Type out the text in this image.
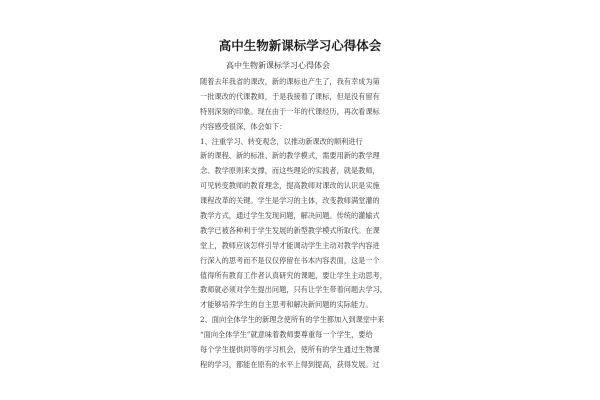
高中生物新课标学习心得体会
高中生物新课标学习心得体会
随着去年我省的课改，新的课标也产生了，我有幸成为第
一批课改的代课教师，于是我接着了课标，但是没有留有
特别深刻的印象。现在由于一年的代课经历，再次看课标
内容感受很深，体会如下：
1、注重学习、转变观念，以推动新课改的顺利进行
新的课程、新的标准、新的教学模式，需要用新的教学理
念、教学原则来支撑，而这些理论的实践者，就是教师，
可见转变教师的教育理念，提高教师对课改的认识是实施
课程改革的关键。学生是学习的主体，改变教师满堂灌的
教学方式，通过学生发现问题，解决问题。传统的灌输式
教学已被各种利于学生发展的新型教学模式所取代。在课
堂上，教师应该怎样引导才能调动学生主动对教学内容进
行深入的思考而不是仅仅停留在书本内容表面，这是一个
值得所有教育工作者认真研究的课题，要让学生主动思考，
教师就必须对学生提出问题，只有让学生带着问题去学习，
才能够培养学生的自主思考和解决新问题的实际能力。
2、面向全体学生的新理念使所有的学生都加入到课堂中来
“面向全体学生”就意味着教师要尊重每一个学生，要给
每个学生提供同等的学习机会，使所有的学生通过生物课
程的学习，都能在原有的水平上得到提高，获得发展。过
